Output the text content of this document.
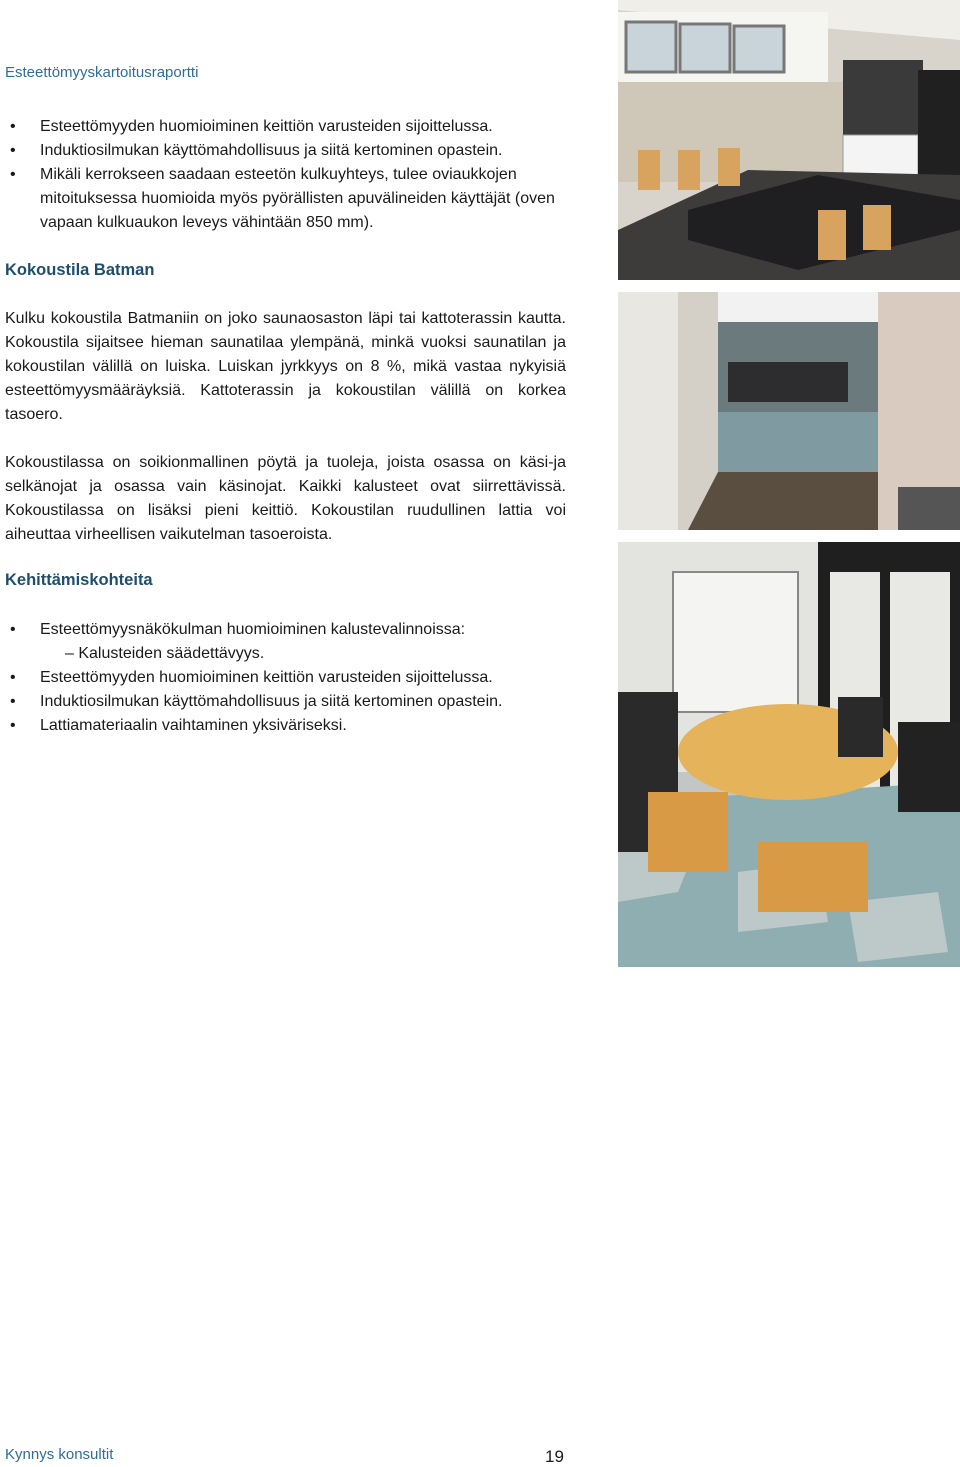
Esteettömyyskartoitusraportti
• Esteettömyyden huomioiminen keittiön varusteiden sijoittelussa.
• Induktiosilmukan käyttömahdollisuus ja siitä kertominen opastein.
• Mikäli kerrokseen saadaan esteetön kulkuyhteys, tulee oviaukkojen mitoituksessa huomioida myös pyörällisten apuvälineiden käyttäjät (oven vapaan kulkuaukon leveys vähintään 850 mm).
Kokoustila Batman
Kulku kokoustila Batmaniin on joko saunaosaston läpi tai kattoterassin kautta. Kokoustila sijaitsee hieman saunatilaa ylempänä, minkä vuoksi saunatilan ja kokoustilan välillä on luiska. Luiskan jyrkkyys on 8 %, mikä vastaa nykyisiä esteettömyysmääräyksiä. Kattoterassin ja kokoustilan välillä on korkea tasoero.
Kokoustilassa on soikionmallinen pöytä ja tuoleja, joista osassa on käsi-ja selkänojat ja osassa vain käsinojat. Kaikki kalusteet ovat siirrettävissä. Kokoustilassa on lisäksi pieni keittiö. Kokoustilan ruudullinen lattia voi aiheuttaa virheellisen vaikutelman tasoeroista.
Kehittämiskohteita
• Esteettömyysnäkökulman huomioiminen kalustevalinnoissa:
– Kalusteiden säädettävyys.
• Esteettömyyden huomioiminen keittiön varusteiden sijoittelussa.
• Induktiosilmukan käyttömahdollisuus ja siitä kertominen opastein.
• Lattiamateriaalin vaihtaminen yksiväriseksi.
Kynnys konsultit	19
